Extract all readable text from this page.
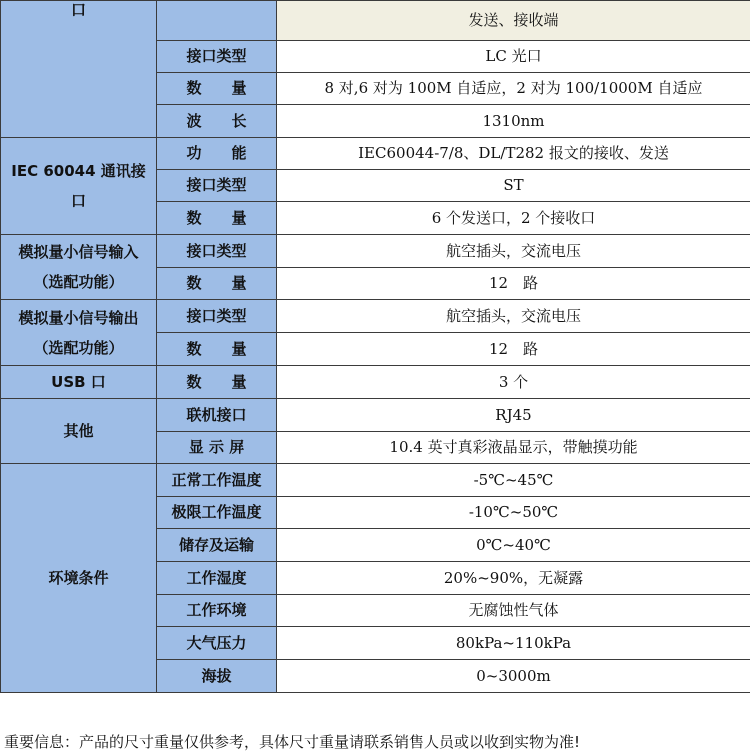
口		发送、接收端
	接口类型	LC 光口
	数　　量	8 对,6 对为 100M 自适应，2 对为 100/1000M 自适应
	波　　长	1310nm

IEC 60044 通讯接
口	功　　能	IEC60044-7/8、DL/T282 报文的接收、发送
	接口类型	ST
	数　　量	6 个发送口，2 个接收口

模拟量小信号输入
（选配功能）	接口类型	航空插头，交流电压
	数　　量	12　路

模拟量小信号输出
（选配功能）	接口类型	航空插头，交流电压
	数　　量	12　路
USB 口	数　　量	3 个
其他	联机接口	RJ45
	显 示 屏	10.4 英寸真彩液晶显示，带触摸功能
环境条件	正常工作温度	-5℃~45℃
	极限工作温度	-10℃~50℃
	储存及运输	0℃~40℃
	工作湿度	20%~90%，无凝露
	工作环境	无腐蚀性气体
	大气压力	80kPa~110kPa
	海拔	0~3000m
重要信息：产品的尺寸重量仅供参考，具体尺寸重量请联系销售人员或以收到实物为准!
